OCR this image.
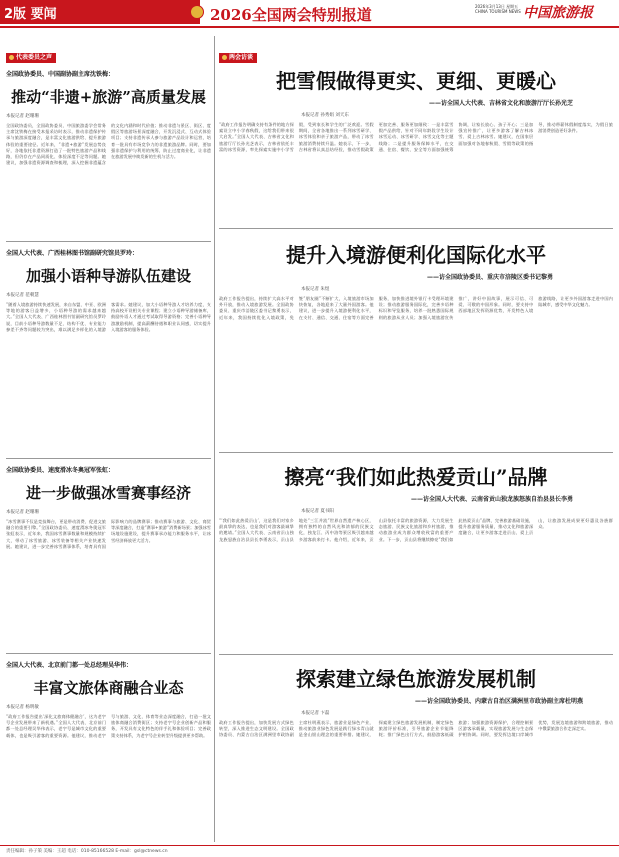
2版 要闻	2026全国两会特别报道	2026年3月13日 星期五
CHINA TOURISM NEWS 中国旅游报
代表委员之声
全国政协委员、中国副协副主席沈铁梅：
推动“非遗+旅游”高质量发展
本报记者 赵珊珊
全国政协委员，全国政协委员、中国旅游委学会常务主席沈铁梅在接受本报采访时表示，推动非遗保护传承与旅游深度融合，是丰富文化旅游供给、提升旅游体验的重要途径。近年来，“非遗+旅游”发展态势良好，各地依托非遗资源打造了一批特色旅游产品和线路，但仍存在产品同质化、体验深度不足等问题。她建议，加强非遗资源调查和梳理，深入挖掘非遗蕴含的文化内涵和时代价值；推动非遗与景区、街区、度假区等旅游场景深度融合，开发沉浸式、互动式体验项目；支持非遗传承人参与旅游产品设计和运营，培育一批具有市场竞争力的非遗旅游品牌。同时，要加强非遗保护与利用的统筹，防止过度商业化，让非遗在旅游发展中焕发新的生机与活力。
全国人大代表、广西桂林图书馆副研究馆员罗玲：
加强小语种导游队伍建设
本报记者 范朝慧
“随着入境旅游持续快速发展，来自东盟、中亚、欧洲等地的游客日益增多，小语种导游的需求越来越大。”全国人大代表、广西桂林图书馆副研究馆员罗玲说，目前小语种导游数量不足、结构不优、专业能力参差不齐等问题较为突出，难以满足多样化的入境游客需求。她建议，加大小语种导游人才培养力度，支持高校开设相关专业课程；建立小语种导游储备库，鼓励外语人才通过考试取得导游资格；完善小语种导游激励机制，提高薪酬待遇和职业认同感，切实提升入境游客的服务体验。
全国政协委员、速度滑冰冬奥冠军张虹：
进一步做强冰雪赛事经济
本报记者 赵珊珊
“冰雪赛事不仅是竞技舞台，更是带动消费、促进文旅融合的重要引擎。”全国政协委员、速度滑冰冬奥冠军张虹表示，近年来，我国冰雪赛事数量和规模持续扩大，带动了冰雪旅游、冰雪装备等相关产业快速发展。她建议，进一步完善冰雪赛事体系，培育具有国际影响力的品牌赛事；推动赛事与旅游、文化、商贸等深度融合，打造“赛事+旅游”消费新场景；加强冰雪场地设施建设，提升赛事承办能力和服务水平，让冰雪经济释放更大活力。
全国人大代表、北京前门都一处总经理吴华伟：
丰富文旅体商融合业态
本报记者 杨明敏
“政府工作报告提出‘深化文旅商体健融合’，这为老字号企业发展带来了新机遇。”全国人大代表、北京前门都一处总经理吴华伟表示，老字号是城市文化的重要载体，也是吸引游客的重要资源。他建议，推动老字号与旅游、文化、体育等业态深度融合，打造一批文旅体商融合消费街区；支持老字号企业创新产品和服务，开发具有文化特色的伴手礼和体验项目；完善政策支持体系，为老字号企业转型升级提供更多帮助。
两会访谈
把雪假做得更实、更细、更暖心
——访全国人大代表、吉林省文化和旅游厅厅长孙光芝
本报记者 孙秀娟 刘天东
“政府工作报告明确支持有条件的地方探索设立中小学春秋假，这给我们带来很大启发。”全国人大代表、吉林省文化和旅游厅厅长孙光芝表示，吉林省依托丰富的冰雪资源，率先探索实施中小学雪假，受到家长和学生的广泛欢迎。雪假期间，全省各地推出一系列冰雪研学、冰雪体验和亲子旅游产品，带动了冰雪旅游消费持续升温。她表示，下一步，吉林省将认真总结经验，推动雪假政策更加完善、服务更加细致：一是丰富雪假产品供给，针对不同年龄段学生设计冰雪运动、冰雪研学、冰雪文化等主题线路；二是提升服务保障水平，在交通、住宿、餐饮、安全等方面加强统筹协调，让家长放心、孩子开心；三是加强宣传推广，让更多游客了解吉林冰雪、爱上吉林冰雪。她建议，在国家层面加强对各地春秋假、雪假等政策的指导，推动带薪休假制度落实，为假日旅游消费创造更好条件。
提升入境游便利化国际化水平
——访全国政协委员、重庆市涪陵区委书记黎勇
本报记者 朱煜
政府工作报告提出，持续扩大高水平对外开放，推动入境旅游发展。全国政协委员、重庆市涪陵区委书记黎勇表示，近年来，我国持续优化入境政策，免签“朋友圈”不断扩大，入境旅游市场加快恢复，各地迎来了大量外国游客。他建议，进一步提升入境游便利化水平，在支付、通信、交通、住宿等方面完善服务，加快推进境外银行卡受理环境建设；推动旅游服务国际化，完善多语种标识和导览服务，培养一批熟悉国际规则的旅游从业人员；加强入境旅游宣传推广，讲好中国故事，展示可信、可爱、可敬的中国形象。同时，要支持中西部地区发挥资源优势，开发特色入境旅游线路，让更多外国游客走进中国内陆城市，感受中华文化魅力。
擦亮“我们如此热爱贡山”品牌
——访全国人大代表、云南省贡山独龙族怒族自治县县长李勇
本报记者 夏书阳
“‘我们如此热爱贡山’，这是我们对家乡最真挚的表达，也是我们对游客最诚挚的邀请。”全国人大代表、云南省贡山独龙族怒族自治县县长李勇表示，贡山县地处“三江并流”世界自然遗产核心区，拥有独特的自然风光和浓郁的民族文化，独龙江、丙中洛等景区吸引越来越多游客前来打卡。他介绍，近年来，贡山县依托丰富的旅游资源，大力发展生态旅游、民族文化旅游和乡村旅游，推动旅游业成为群众增收致富的重要产业。下一步，贡山县将继续擦亮“我们如此热爱贡山”品牌，完善旅游基础设施，提升旅游服务质量，推动文化和旅游深度融合，让更多游客走进贡山、爱上贡山，让旅游发展成果更好惠及各族群众。
探索建立绿色旅游发展机制
——访全国政协委员、内蒙古自治区满洲里市政协副主席杜明燕
本报记者 卞磊
政府工作报告提出，加快发展方式绿色转型，深入推进生态文明建设。全国政协委员、内蒙古自治区满洲里市政协副主席杜明燕表示，旅游业是绿色产业，推动旅游业绿色发展是践行绿水青山就是金山银山理念的重要举措。她建议，探索建立绿色旅游发展机制，制定绿色旅游评价标准，引导旅游企业节能降耗；推广绿色出行方式，鼓励游客低碳旅游；加强旅游资源保护，合理控制景区游客承载量，实现旅游发展与生态保护相协调。同时，要发挥边境口岸城市优势，发展边境旅游和跨境旅游，推动中俄蒙旅游合作走深走实。
责任编辑：孙子策 美编：王超 电话：010-85166528 E-mail：gsl@ctnews.cn
